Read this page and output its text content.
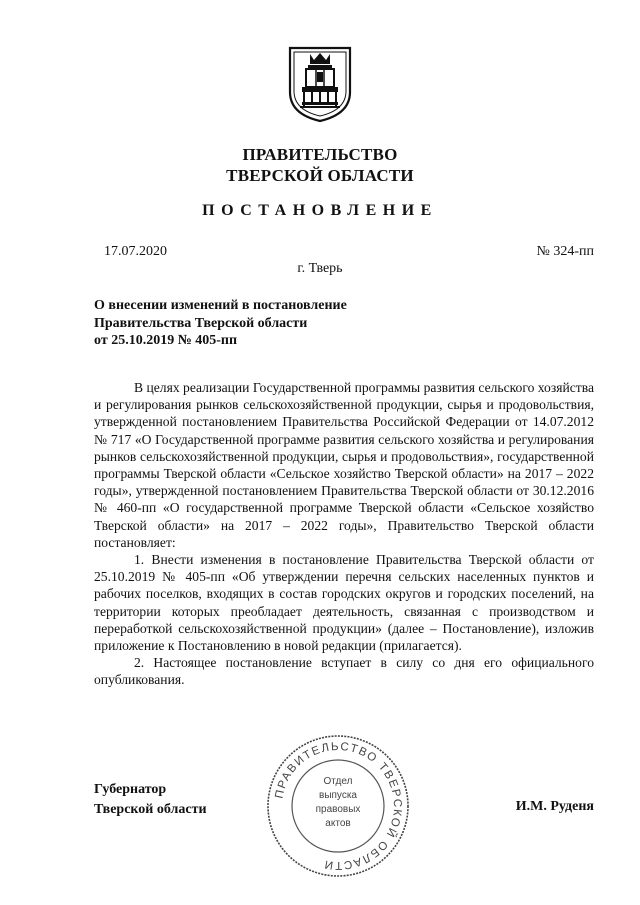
ПРАВИТЕЛЬСТВО
ТВЕРСКОЙ ОБЛАСТИ
ПОСТАНОВЛЕНИЕ
17.07.2020	№ 324-пп
г. Тверь
О внесении изменений в постановление
Правительства Тверской области
от 25.10.2019 № 405-пп

В целях реализации Государственной программы развития сельского хозяйства и регулирования рынков сельскохозяйственной продукции, сырья и продовольствия, утвержденной постановлением Правительства Российской Федерации от 14.07.2012 № 717 «О Государственной программе развития сельского хозяйства и регулирования рынков сельскохозяйственной продукции, сырья и продовольствия», государственной программы Тверской области «Сельское хозяйство Тверской области» на 2017 – 2022 годы», утвержденной постановлением Правительства Тверской области от 30.12.2016 № 460-пп «О государственной программе Тверской области «Сельское хозяйство Тверской области» на 2017 – 2022 годы», Правительство Тверской области постановляет:

1. Внести изменения в постановление Правительства Тверской области от 25.10.2019 № 405-пп «Об утверждении перечня сельских населенных пунктов и рабочих поселков, входящих в состав городских округов и городских поселений, на территории которых преобладает деятельность, связанная с производством и переработкой сельскохозяйственной продукции» (далее – Постановление), изложив приложение к Постановлению в новой редакции (прилагается).

2. Настоящее постановление вступает в силу со дня его официального опубликования.

Губернатор
Тверской области	И.М. Руденя
ПРАВИТЕЛЬСТВО ТВЕРСКОЙ ОБЛАСТИ
Отдел
выпуска
правовых
актов
